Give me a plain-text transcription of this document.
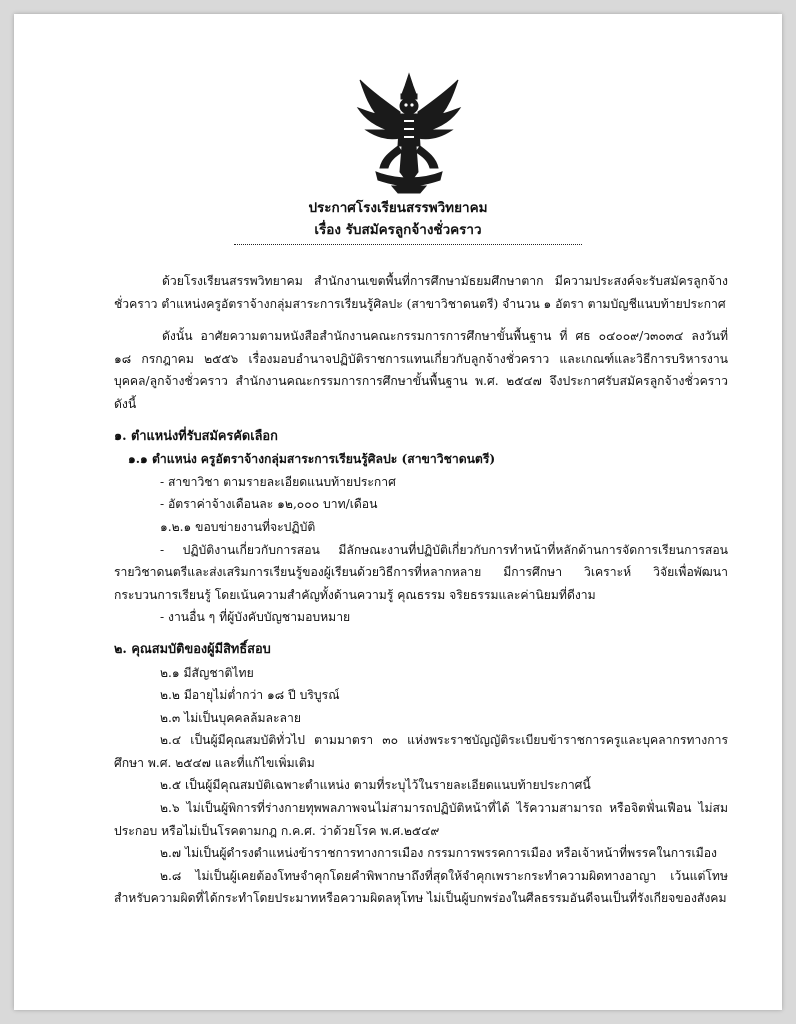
ประกาศโรงเรียนสรรพวิทยาคม
เรื่อง รับสมัครลูกจ้างชั่วคราว

ด้วยโรงเรียนสรรพวิทยาคม สำนักงานเขตพื้นที่การศึกษามัธยมศึกษาตาก มีความประสงค์จะรับสมัครลูกจ้างชั่วคราว ตำแหน่งครูอัตราจ้างกลุ่มสาระการเรียนรู้ศิลปะ (สาขาวิชาดนตรี) จำนวน ๑ อัตรา ตามบัญชีแนบท้ายประกาศ

ดังนั้น อาศัยความตามหนังสือสำนักงานคณะกรรมการการศึกษาขั้นพื้นฐาน ที่ ศธ ๐๔๐๐๙/ว๓๐๓๔ ลงวันที่ ๑๘ กรกฎาคม ๒๕๕๖ เรื่องมอบอำนาจปฏิบัติราชการแทนเกี่ยวกับลูกจ้างชั่วคราว และเกณฑ์และวิธีการบริหารงานบุคคล/ลูกจ้างชั่วคราว สำนักงานคณะกรรมการการศึกษาขั้นพื้นฐาน พ.ศ. ๒๕๔๗ จึงประกาศรับสมัครลูกจ้างชั่วคราว ดังนี้

๑. ตำแหน่งที่รับสมัครคัดเลือก

๑.๑ ตำแหน่ง ครูอัตราจ้างกลุ่มสาระการเรียนรู้ศิลปะ (สาขาวิชาดนตรี)

- สาขาวิชา ตามรายละเอียดแนบท้ายประกาศ

- อัตราค่าจ้างเดือนละ ๑๒,๐๐๐ บาท/เดือน

๑.๒.๑ ขอบข่ายงานที่จะปฏิบัติ

- ปฏิบัติงานเกี่ยวกับการสอน มีลักษณะงานที่ปฏิบัติเกี่ยวกับการทำหน้าที่หลักด้านการจัดการเรียนการสอนรายวิชาดนตรีและส่งเสริมการเรียนรู้ของผู้เรียนด้วยวิธีการที่หลากหลาย มีการศึกษา วิเคราะห์ วิจัยเพื่อพัฒนากระบวนการเรียนรู้ โดยเน้นความสำคัญทั้งด้านความรู้ คุณธรรม จริยธรรมและค่านิยมที่ดีงาม

- งานอื่น ๆ ที่ผู้บังคับบัญชามอบหมาย

๒. คุณสมบัติของผู้มีสิทธิ์สอบ

๒.๑ มีสัญชาติไทย

๒.๒ มีอายุไม่ต่ำกว่า ๑๘ ปี บริบูรณ์

๒.๓ ไม่เป็นบุคคลล้มละลาย

๒.๔ เป็นผู้มีคุณสมบัติทั่วไป ตามมาตรา ๓๐ แห่งพระราชบัญญัติระเบียบข้าราชการครูและบุคลากรทางการศึกษา พ.ศ. ๒๕๔๗ และที่แก้ไขเพิ่มเติม

๒.๕ เป็นผู้มีคุณสมบัติเฉพาะตำแหน่ง ตามที่ระบุไว้ในรายละเอียดแนบท้ายประกาศนี้

๒.๖ ไม่เป็นผู้พิการที่ร่างกายทุพพลภาพจนไม่สามารถปฏิบัติหน้าที่ได้ ไร้ความสามารถ หรือจิตฟั่นเฟือน ไม่สมประกอบ หรือไม่เป็นโรคตามกฎ ก.ค.ศ. ว่าด้วยโรค พ.ศ.๒๕๔๙

๒.๗ ไม่เป็นผู้ดำรงตำแหน่งข้าราชการทางการเมือง กรรมการพรรคการเมือง หรือเจ้าหน้าที่พรรคในการเมือง

๒.๘ ไม่เป็นผู้เคยต้องโทษจำคุกโดยคำพิพากษาถึงที่สุดให้จำคุกเพราะกระทำความผิดทางอาญา เว้นแต่โทษ สำหรับความผิดที่ได้กระทำโดยประมาทหรือความผิดลหุโทษ ไม่เป็นผู้บกพร่องในศีลธรรมอันดีจนเป็นที่รังเกียจของสังคม
